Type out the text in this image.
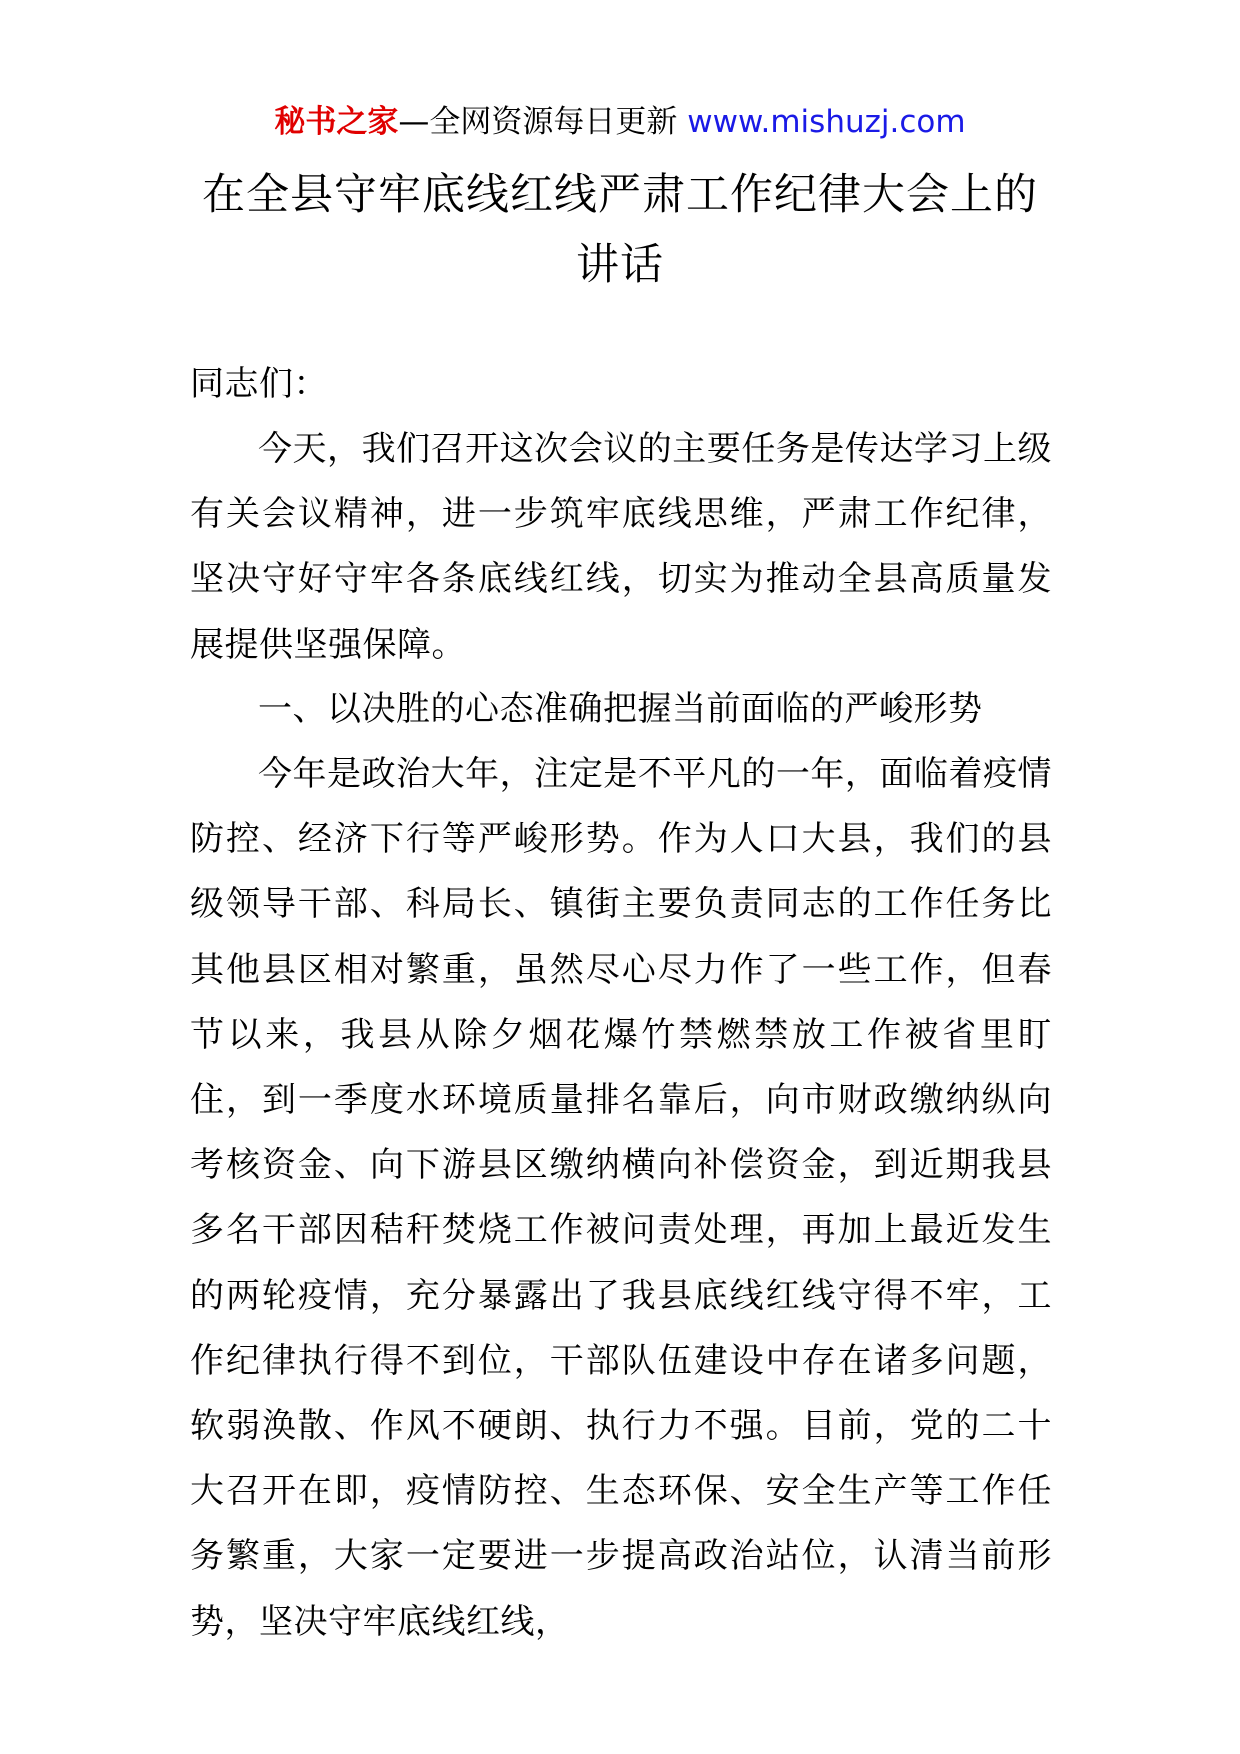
秘书之家—全网资源每日更新 www.mishuzj.com
在全县守牢底线红线严肃工作纪律大会上的讲话
同志们：

今天，我们召开这次会议的主要任务是传达学习上级有关会议精神，进一步筑牢底线思维，严肃工作纪律，坚决守好守牢各条底线红线，切实为推动全县高质量发展提供坚强保障。

一、以决胜的心态准确把握当前面临的严峻形势

今年是政治大年，注定是不平凡的一年，面临着疫情防控、经济下行等严峻形势。作为人口大县，我们的县级领导干部、科局长、镇街主要负责同志的工作任务比其他县区相对繁重，虽然尽心尽力作了一些工作，但春节以来，我县从除夕烟花爆竹禁燃禁放工作被省里盯住，到一季度水环境质量排名靠后，向市财政缴纳纵向考核资金、向下游县区缴纳横向补偿资金，到近期我县多名干部因秸秆焚烧工作被问责处理，再加上最近发生的两轮疫情，充分暴露出了我县底线红线守得不牢，工作纪律执行得不到位，干部队伍建设中存在诸多问题，软弱涣散、作风不硬朗、执行力不强。目前，党的二十大召开在即，疫情防控、生态环保、安全生产等工作任务繁重，大家一定要进一步提高政治站位，认清当前形势，坚决守牢底线红线，
